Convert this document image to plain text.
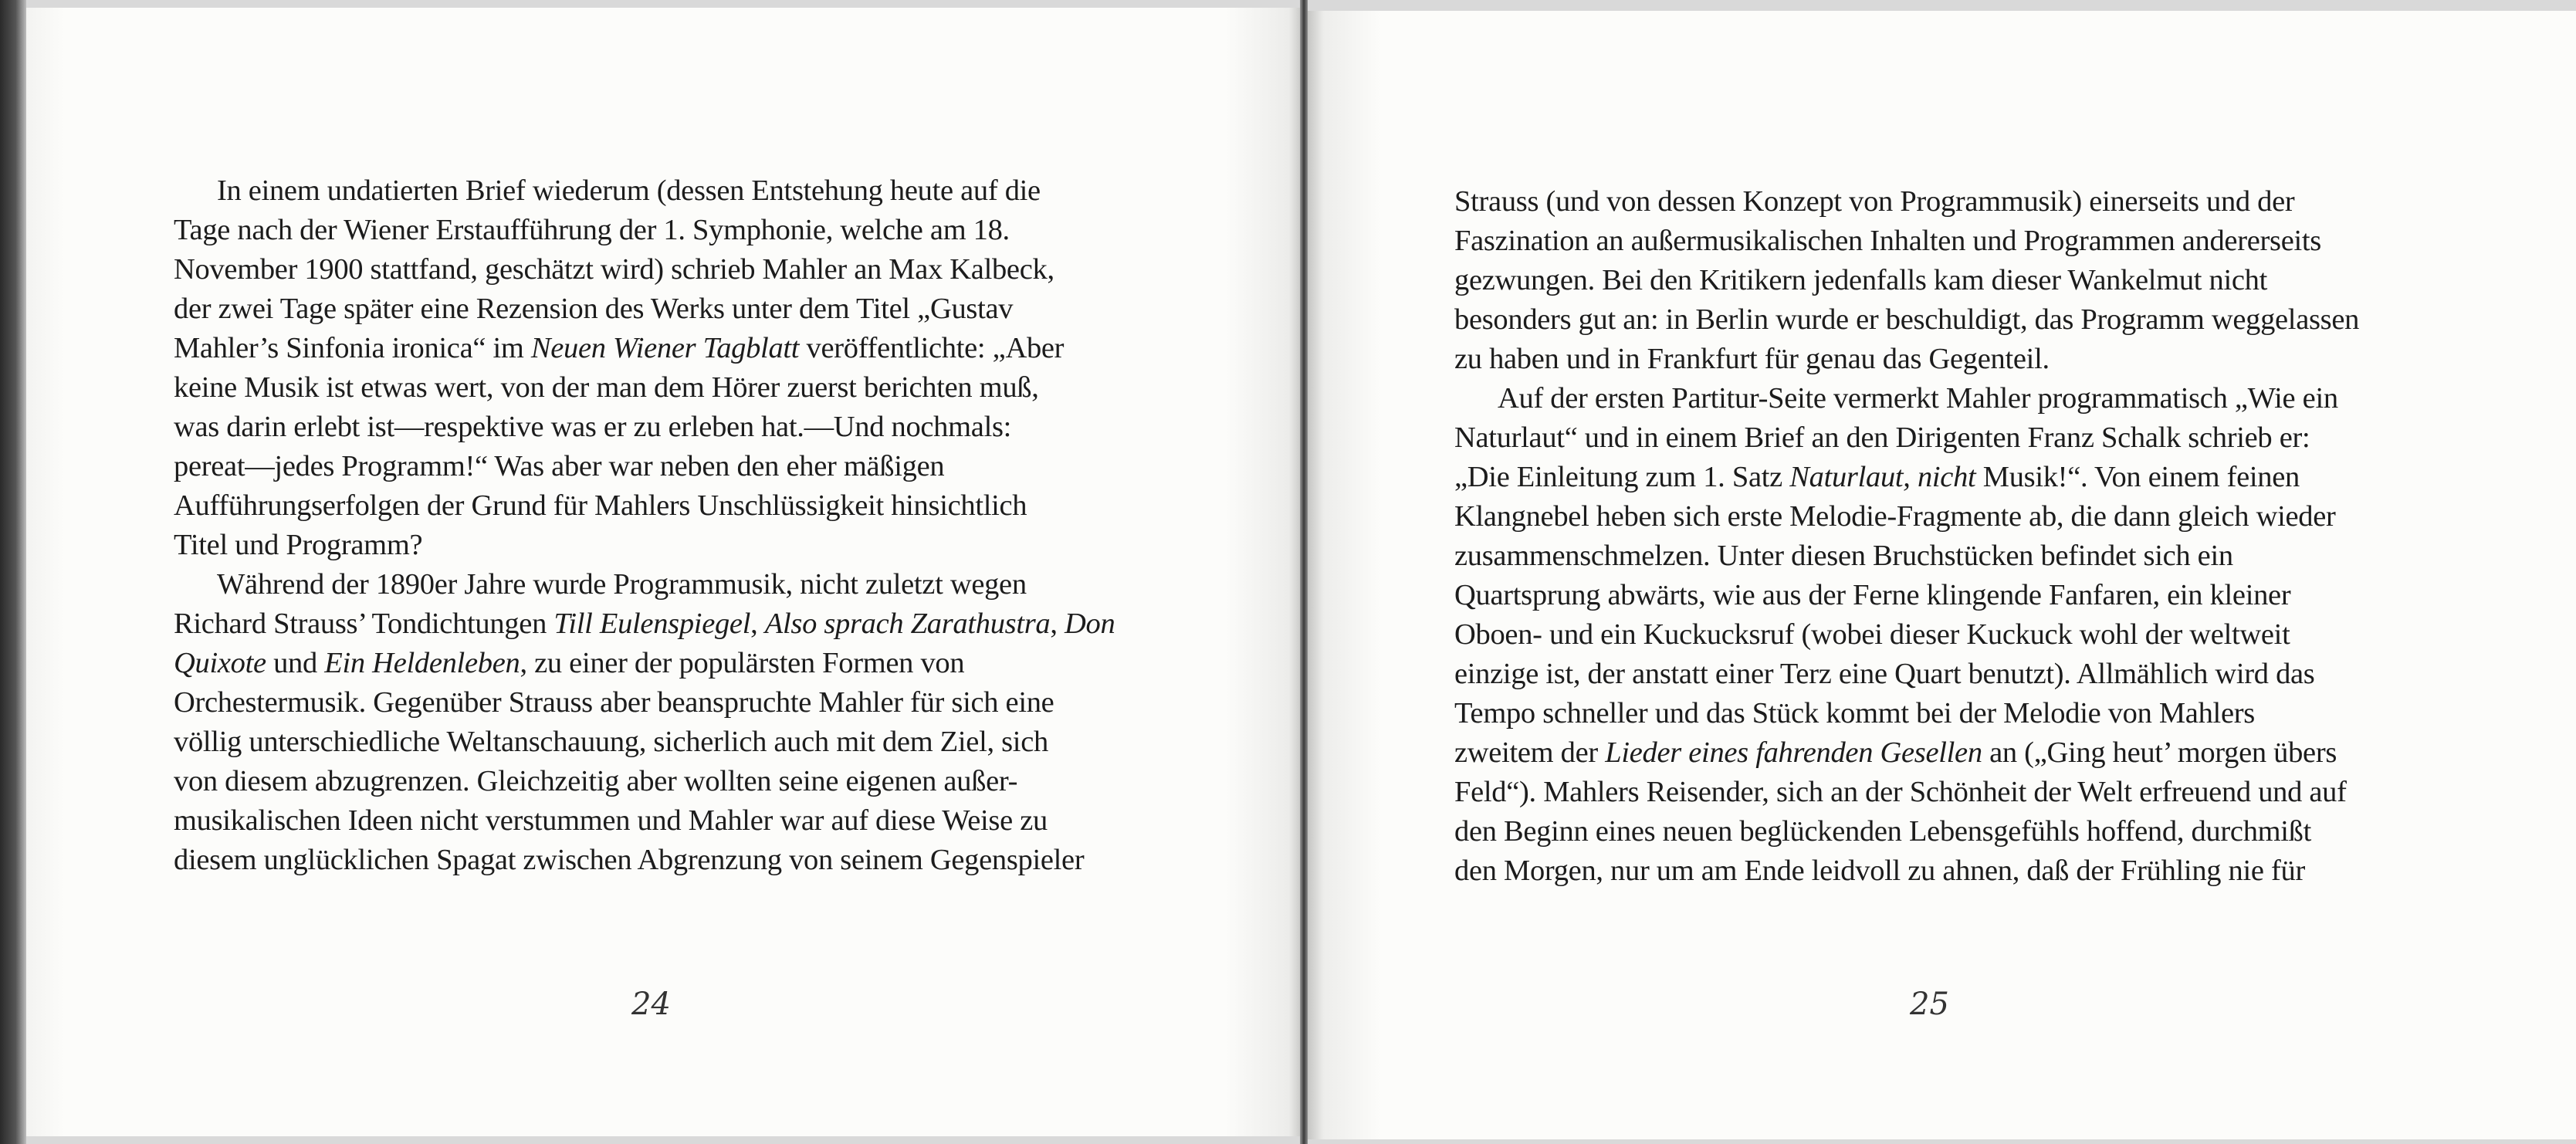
In einem undatierten Brief wiederum (dessen Entstehung heute auf die
Tage nach der Wiener Erstaufführung der 1. Symphonie, welche am 18.
November 1900 stattfand, geschätzt wird) schrieb Mahler an Max Kalbeck,
der zwei Tage später eine Rezension des Werks unter dem Titel „Gustav
Mahler’s Sinfonia ironica“ im Neuen Wiener Tagblatt veröffentlichte: „Aber
keine Musik ist etwas wert, von der man dem Hörer zuerst berichten muß,
was darin erlebt ist—respektive was er zu erleben hat.—Und nochmals:
pereat—jedes Programm!“ Was aber war neben den eher mäßigen
Aufführungserfolgen der Grund für Mahlers Unschlüssigkeit hinsichtlich
Titel und Programm?
Während der 1890er Jahre wurde Programmusik, nicht zuletzt wegen
Richard Strauss’ Tondichtungen Till Eulenspiegel, Also sprach Zarathustra, Don
Quixote und Ein Heldenleben, zu einer der populärsten Formen von
Orchestermusik. Gegenüber Strauss aber beanspruchte Mahler für sich eine
völlig unterschiedliche Weltanschauung, sicherlich auch mit dem Ziel, sich
von diesem abzugrenzen. Gleichzeitig aber wollten seine eigenen außer-
musikalischen Ideen nicht verstummen und Mahler war auf diese Weise zu
diesem unglücklichen Spagat zwischen Abgrenzung von seinem Gegenspieler
Strauss (und von dessen Konzept von Programmusik) einerseits und der
Faszination an außermusikalischen Inhalten und Programmen andererseits
gezwungen. Bei den Kritikern jedenfalls kam dieser Wankelmut nicht
besonders gut an: in Berlin wurde er beschuldigt, das Programm weggelassen
zu haben und in Frankfurt für genau das Gegenteil.
Auf der ersten Partitur-Seite vermerkt Mahler programmatisch „Wie ein
Naturlaut“ und in einem Brief an den Dirigenten Franz Schalk schrieb er:
„Die Einleitung zum 1. Satz Naturlaut, nicht Musik!“. Von einem feinen
Klangnebel heben sich erste Melodie-Fragmente ab, die dann gleich wieder
zusammenschmelzen. Unter diesen Bruchstücken befindet sich ein
Quartsprung abwärts, wie aus der Ferne klingende Fanfaren, ein kleiner
Oboen- und ein Kuckucksruf (wobei dieser Kuckuck wohl der weltweit
einzige ist, der anstatt einer Terz eine Quart benutzt). Allmählich wird das
Tempo schneller und das Stück kommt bei der Melodie von Mahlers
zweitem der Lieder eines fahrenden Gesellen an („Ging heut’ morgen übers
Feld“). Mahlers Reisender, sich an der Schönheit der Welt erfreuend und auf
den Beginn eines neuen beglückenden Lebensgefühls hoffend, durchmißt
den Morgen, nur um am Ende leidvoll zu ahnen, daß der Frühling nie für
24	25
